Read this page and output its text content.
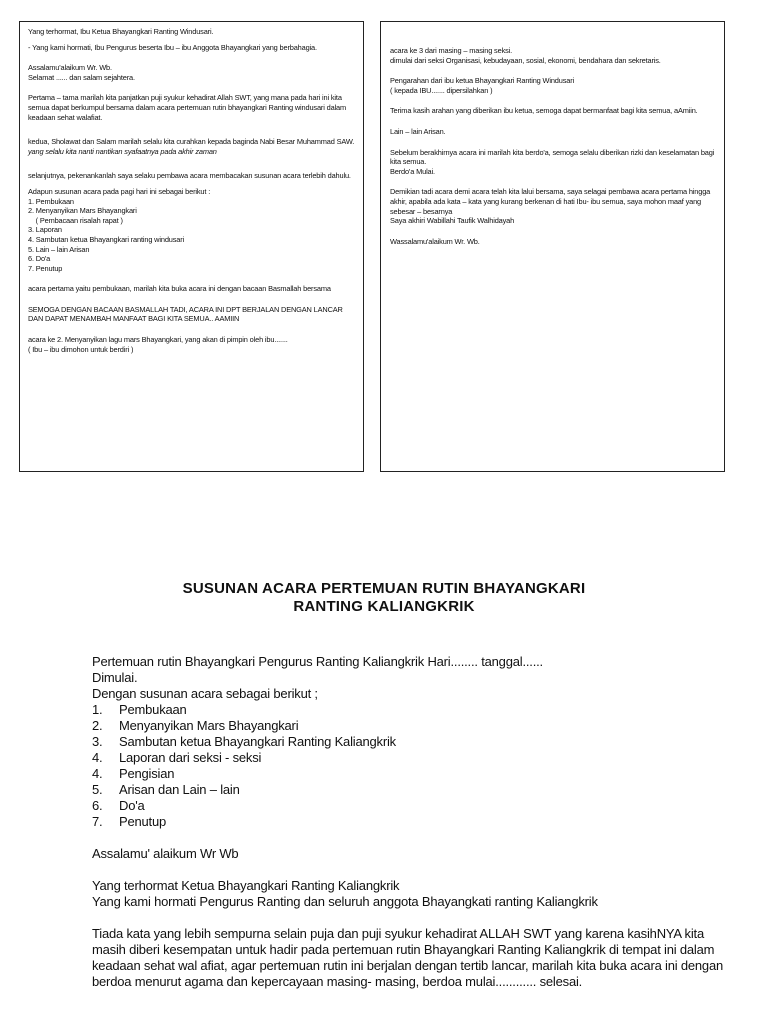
Yang terhormat, Ibu Ketua Bhayangkari Ranting Windusari.

- Yang kami hormati, Ibu Pengurus beserta Ibu – ibu Anggota Bhayangkari yang berbahagia.

Assalamu'alaikum Wr. Wb.

Selamat ...... dan salam sejahtera.

Pertama – tama marilah kita panjatkan puji syukur kehadirat Allah SWT, yang mana pada hari ini kita semua dapat berkumpul bersama dalam acara pertemuan rutin bhayangkari Ranting windusari dalam keadaan sehat walafiat.

kedua, Sholawat dan Salam marilah selalu kita curahkan kepada baginda Nabi Besar Muhammad SAW. yang selalu kita nanti nantikan syafaatnya pada akhir zaman

selanjutnya, pekenankanlah saya selaku pembawa acara membacakan susunan acara terlebih dahulu.

Adapun susunan acara pada pagi hari ini sebagai berikut :

1. Pembukaan

2. Menyanyikan Mars Bhayangkari

( Pembacaan risalah rapat )

3. Laporan

4. Sambutan ketua Bhayangkari ranting windusari

5. Lain – lain Arisan

6. Do'a

7. Penutup

acara pertama yaitu pembukaan, marilah kita buka acara ini dengan bacaan Basmallah bersama

SEMOGA DENGAN BACAAN BASMALLAH TADI, ACARA INI DPT BERJALAN DENGAN LANCAR DAN DAPAT MENAMBAH MANFAAT BAGI KITA SEMUA.. AAMIIN

acara ke 2. Menyanyikan lagu mars Bhayangkari, yang akan di pimpin oleh ibu.......

( Ibu – ibu dimohon untuk berdiri )

acara ke 3 dari masing – masing seksi.

dimulai dari seksi Organisasi, kebudayaan, sosial, ekonomi, bendahara dan sekretaris.

Pengarahan dari ibu ketua Bhayangkari Ranting Windusari

( kepada IBU....... dipersilahkan )

Terima kasih arahan yang diberikan ibu ketua, semoga dapat bermanfaat bagi kita semua, aAmiin.

Lain – lain Arisan.

Sebelum berakhirnya acara ini marilah kita berdo'a, semoga selalu diberikan rizki dan keselamatan bagi kita semua.

Berdo'a Mulai.

Demikian tadi acara demi acara telah kita lalui bersama, saya selagai pembawa acara pertama hingga akhir, apabila ada kata – kata yang kurang berkenan di hati Ibu- ibu semua, saya mohon maaf yang sebesar – besarnya

Saya akhiri Wabillahi Taufik Walhidayah

Wassalamu'alaikum Wr. Wb.

SUSUNAN ACARA PERTEMUAN RUTIN BHAYANGKARI
RANTING KALIANGKRIK

Pertemuan rutin Bhayangkari Pengurus Ranting Kaliangkrik Hari........ tanggal......

Dimulai.

Dengan susunan acara sebagai berikut ;

1.	Pembukaan
2.	Menyanyikan Mars Bhayangkari
3.	Sambutan ketua Bhayangkari Ranting Kaliangkrik
4.	Laporan dari seksi - seksi
4.	Pengisian
5.	Arisan dan Lain – lain
6.	Do'a
7.	Penutup

Assalamu' alaikum Wr Wb

Yang terhormat Ketua Bhayangkari Ranting Kaliangkrik

Yang kami hormati Pengurus Ranting dan seluruh anggota Bhayangkati ranting Kaliangkrik

Tiada kata yang lebih sempurna selain puja dan puji syukur kehadirat ALLAH SWT yang karena kasihNYA kita masih diberi kesempatan untuk hadir pada pertemuan rutin Bhayangkari Ranting Kaliangkrik di tempat ini dalam keadaan sehat wal afiat, agar pertemuan rutin ini berjalan dengan tertib lancar, marilah kita buka acara ini dengan berdoa menurut agama dan kepercayaan masing- masing, berdoa mulai............ selesai.
